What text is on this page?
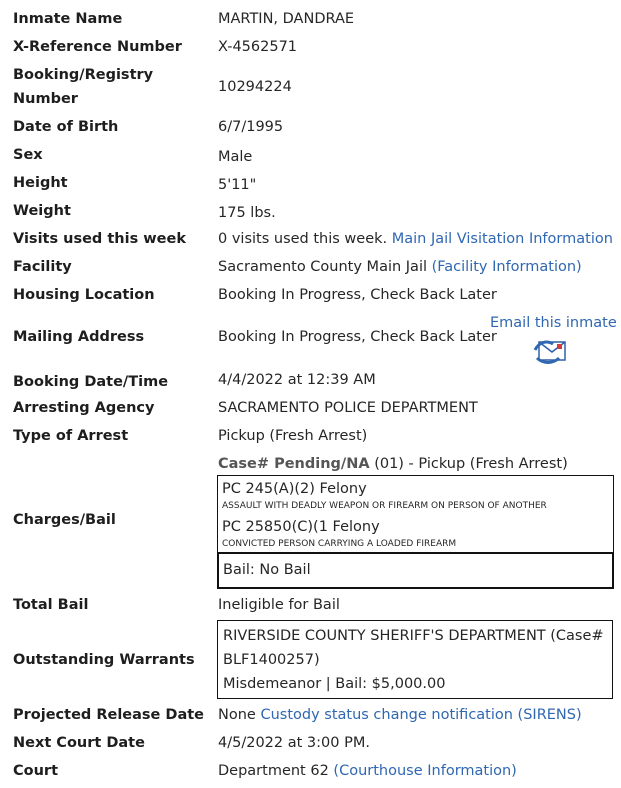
Inmate Name
X-Reference Number
Booking/Registry
Number
Date of Birth
Sex
Height
Weight
Visits used this week
Facility
Housing Location
Mailing Address
Booking Date/Time
Arresting Agency
Type of Arrest
Charges/Bail
Total Bail
Outstanding Warrants
Projected Release Date
Next Court Date
Court
MARTIN, DANDRAE
X-4562571
10294224
6/7/1995
Male
5'11"
175 lbs.
0 visits used this week. Main Jail Visitation Information
Sacramento County Main Jail (Facility Information)
Booking In Progress, Check Back Later
Booking In Progress, Check Back Later
Email this inmate
4/4/2022 at 12:39 AM
SACRAMENTO POLICE DEPARTMENT
Pickup (Fresh Arrest)
Case# Pending/NA (01) - Pickup (Fresh Arrest)
PC 245(A)(2) Felony
ASSAULT WITH DEADLY WEAPON OR FIREARM ON PERSON OF ANOTHER
PC 25850(C)(1 Felony
CONVICTED PERSON CARRYING A LOADED FIREARM
Bail: No Bail
Ineligible for Bail
RIVERSIDE COUNTY SHERIFF'S DEPARTMENT (Case#
BLF1400257)
Misdemeanor | Bail: $5,000.00
None Custody status change notification (SIRENS)
4/5/2022 at 3:00 PM.
Department 62 (Courthouse Information)
